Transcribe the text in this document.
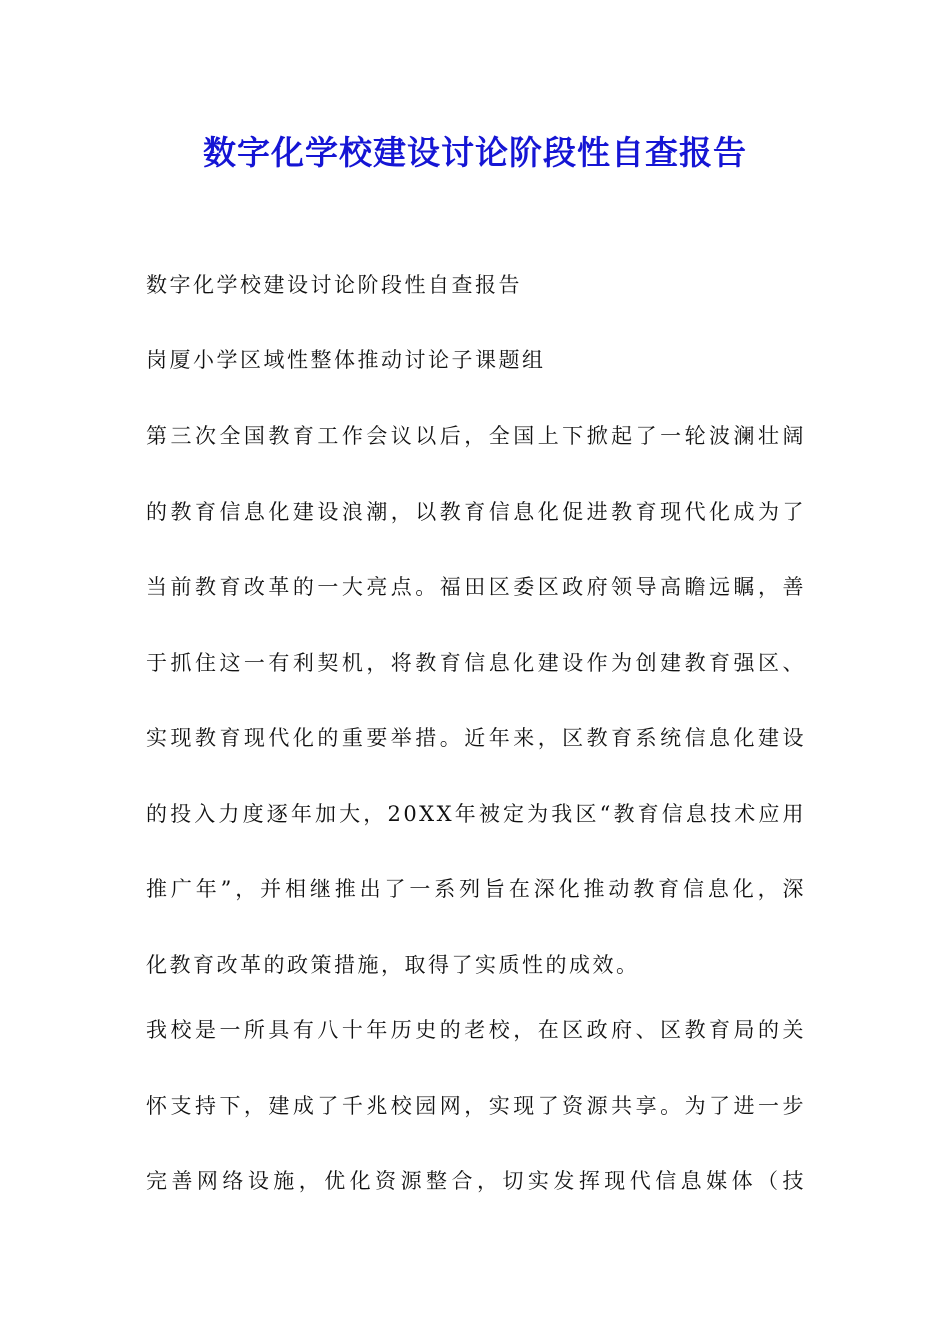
数字化学校建设讨论阶段性自查报告
数字化学校建设讨论阶段性自查报告
岗厦小学区域性整体推动讨论子课题组
第三次全国教育工作会议以后，全国上下掀起了一轮波澜壮阔
的教育信息化建设浪潮，以教育信息化促进教育现代化成为了
当前教育改革的一大亮点。福田区委区政府领导高瞻远瞩，善
于抓住这一有利契机，将教育信息化建设作为创建教育强区、
实现教育现代化的重要举措。近年来，区教育系统信息化建设
的投入力度逐年加大，20XX年被定为我区“教育信息技术应用
推广年”，并相继推出了一系列旨在深化推动教育信息化，深
化教育改革的政策措施，取得了实质性的成效。
我校是一所具有八十年历史的老校，在区政府、区教育局的关
怀支持下，建成了千兆校园网，实现了资源共享。为了进一步
完善网络设施，优化资源整合，切实发挥现代信息媒体（技
